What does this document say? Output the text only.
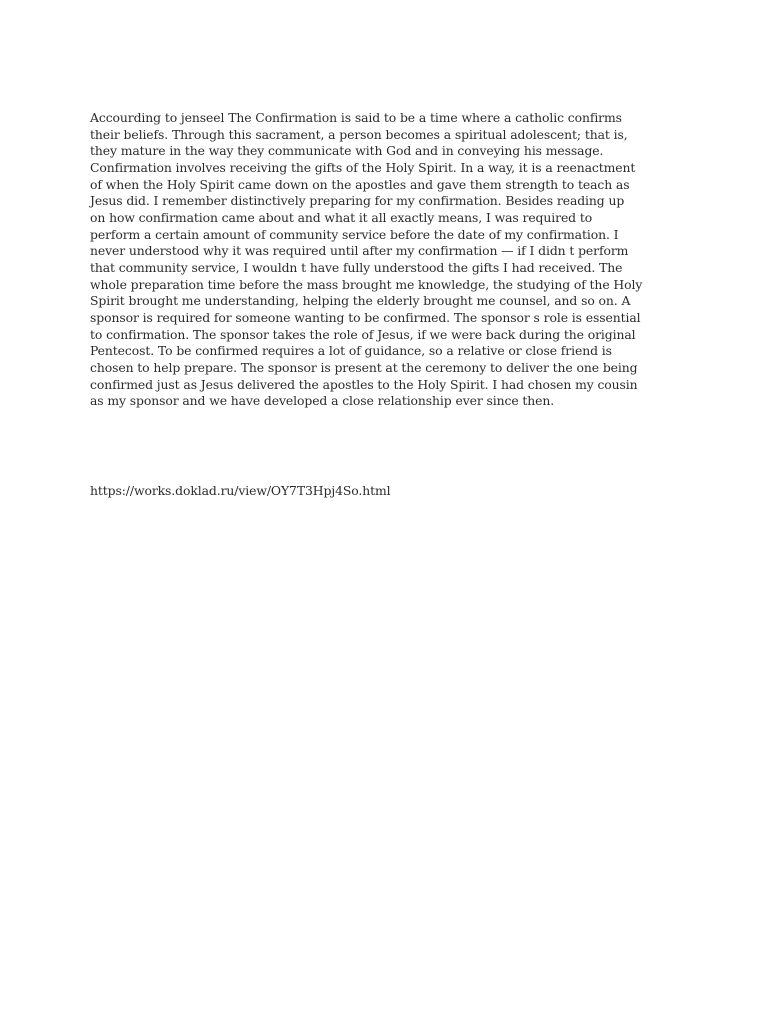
Accourding to jenseel The Confirmation is said to be a time where a catholic confirms
their beliefs. Through this sacrament, a person becomes a spiritual adolescent; that is,
they mature in the way they communicate with God and in conveying his message.
Confirmation involves receiving the gifts of the Holy Spirit. In a way, it is a reenactment
of when the Holy Spirit came down on the apostles and gave them strength to teach as
Jesus did. I remember distinctively preparing for my confirmation. Besides reading up
on how confirmation came about and what it all exactly means, I was required to
perform a certain amount of community service before the date of my confirmation. I
never understood why it was required until after my confirmation — if I didn t perform
that community service, I wouldn t have fully understood the gifts I had received. The
whole preparation time before the mass brought me knowledge, the studying of the Holy
Spirit brought me understanding, helping the elderly brought me counsel, and so on. A
sponsor is required for someone wanting to be confirmed. The sponsor s role is essential
to confirmation. The sponsor takes the role of Jesus, if we were back during the original
Pentecost. To be confirmed requires a lot of guidance, so a relative or close friend is
chosen to help prepare. The sponsor is present at the ceremony to deliver the one being
confirmed just as Jesus delivered the apostles to the Holy Spirit. I had chosen my cousin
as my sponsor and we have developed a close relationship ever since then.

https://works.doklad.ru/view/OY7T3Hpj4So.html
